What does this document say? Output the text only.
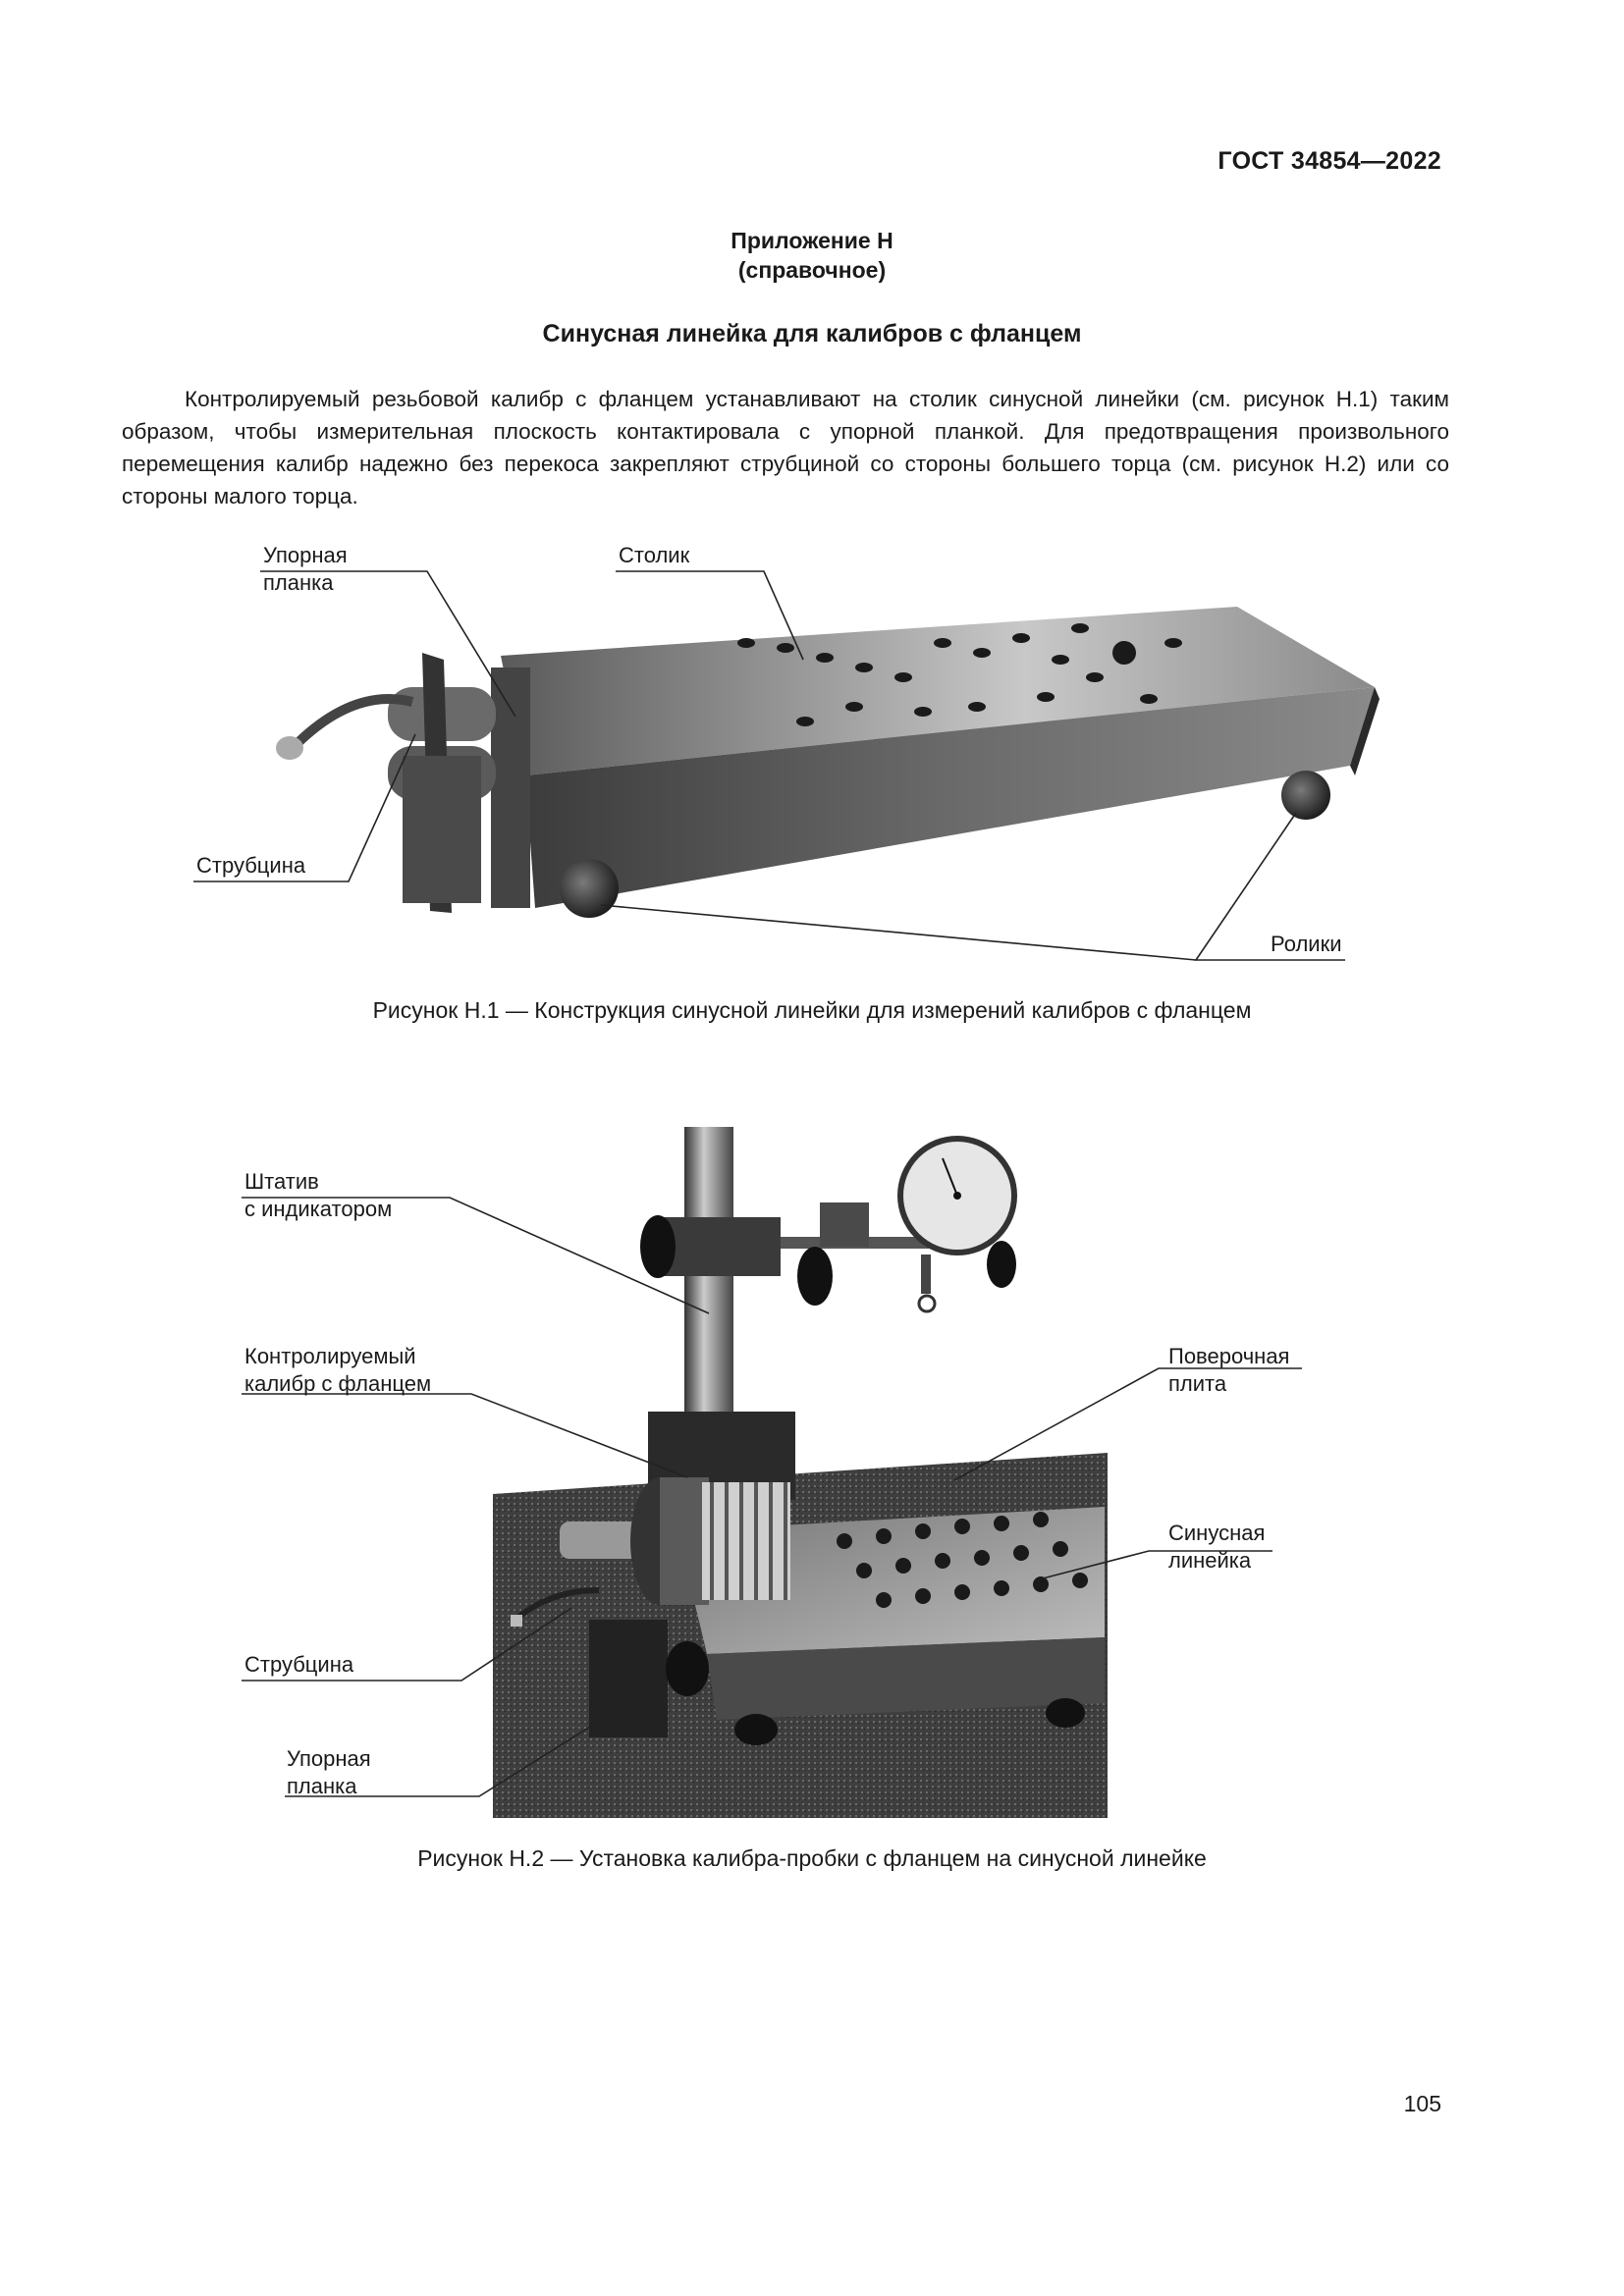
ГОСТ 34854—2022
Приложение Н
(справочное)
Синусная линейка для калибров с фланцем
Контролируемый резьбовой калибр с фланцем устанавливают на столик синусной линейки (см. рисунок Н.1) таким образом, чтобы измерительная плоскость контактировала с упорной планкой. Для предотвращения произвольного перемещения калибр надежно без перекоса закрепляют струбциной со стороны большего торца (см. рисунок Н.2) или со стороны малого торца.
Упорная
планка
Столик
Струбцина
Ролики
Рисунок Н.1 — Конструкция синусной линейки для измерений калибров с фланцем
Штатив
с индикатором
Контролируемый
калибр с фланцем
Поверочная
плита
Синусная
линейка
Струбцина
Упорная
планка
Рисунок Н.2 — Установка калибра-пробки с фланцем на синусной линейке
105
